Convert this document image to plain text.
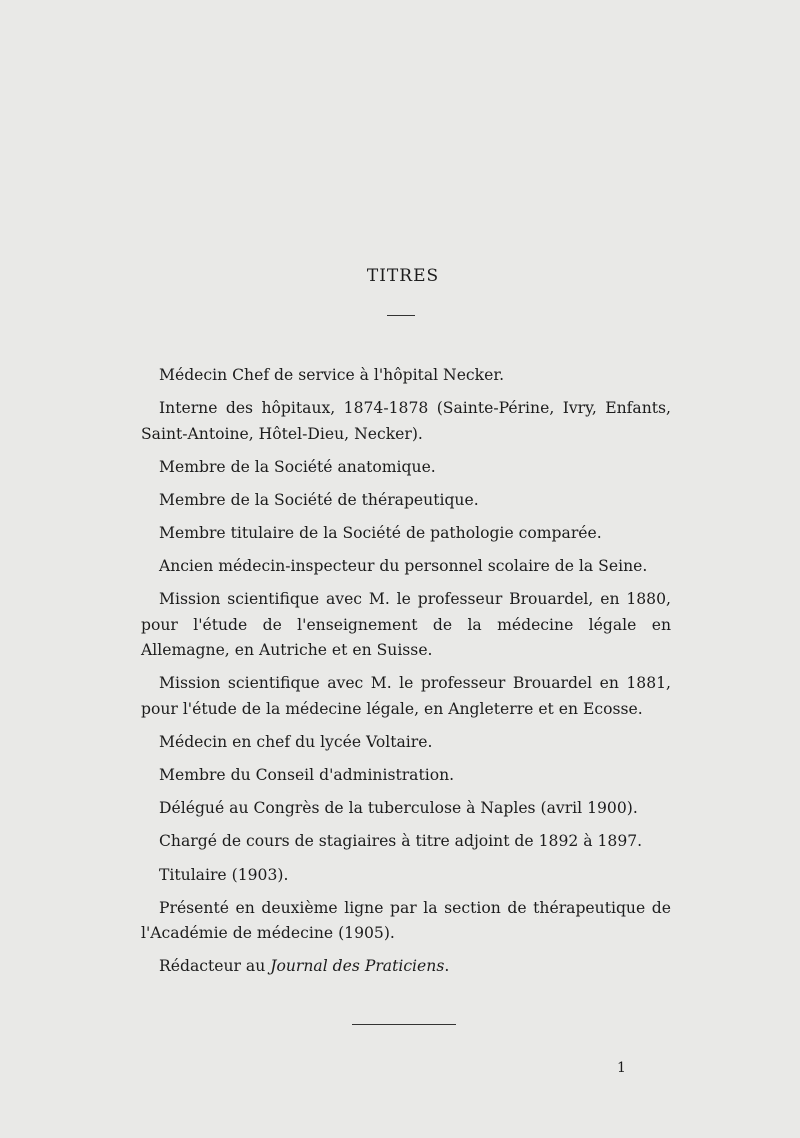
TITRES

Médecin Chef de service à l'hôpital Necker.

Interne des hôpitaux, 1874-1878 (Sainte-Périne, Ivry, Enfants, Saint-Antoine, Hôtel-Dieu, Necker).

Membre de la Société anatomique.

Membre de la Société de thérapeutique.

Membre titulaire de la Société de pathologie comparée.

Ancien médecin-inspecteur du personnel scolaire de la Seine.

Mission scientifique avec M. le professeur Brouardel, en 1880, pour l'étude de l'enseignement de la médecine légale en Allemagne, en Autriche et en Suisse.

Mission scientifique avec M. le professeur Brouardel en 1881, pour l'étude de la médecine légale, en Angleterre et en Ecosse.

Médecin en chef du lycée Voltaire.

Membre du Conseil d'administration.

Délégué au Congrès de la tuberculose à Naples (avril 1900).

Chargé de cours de stagiaires à titre adjoint de 1892 à 1897.

Titulaire (1903).

Présenté en deuxième ligne par la section de thérapeutique de l'Académie de médecine (1905).

Rédacteur au Journal des Praticiens.

1
